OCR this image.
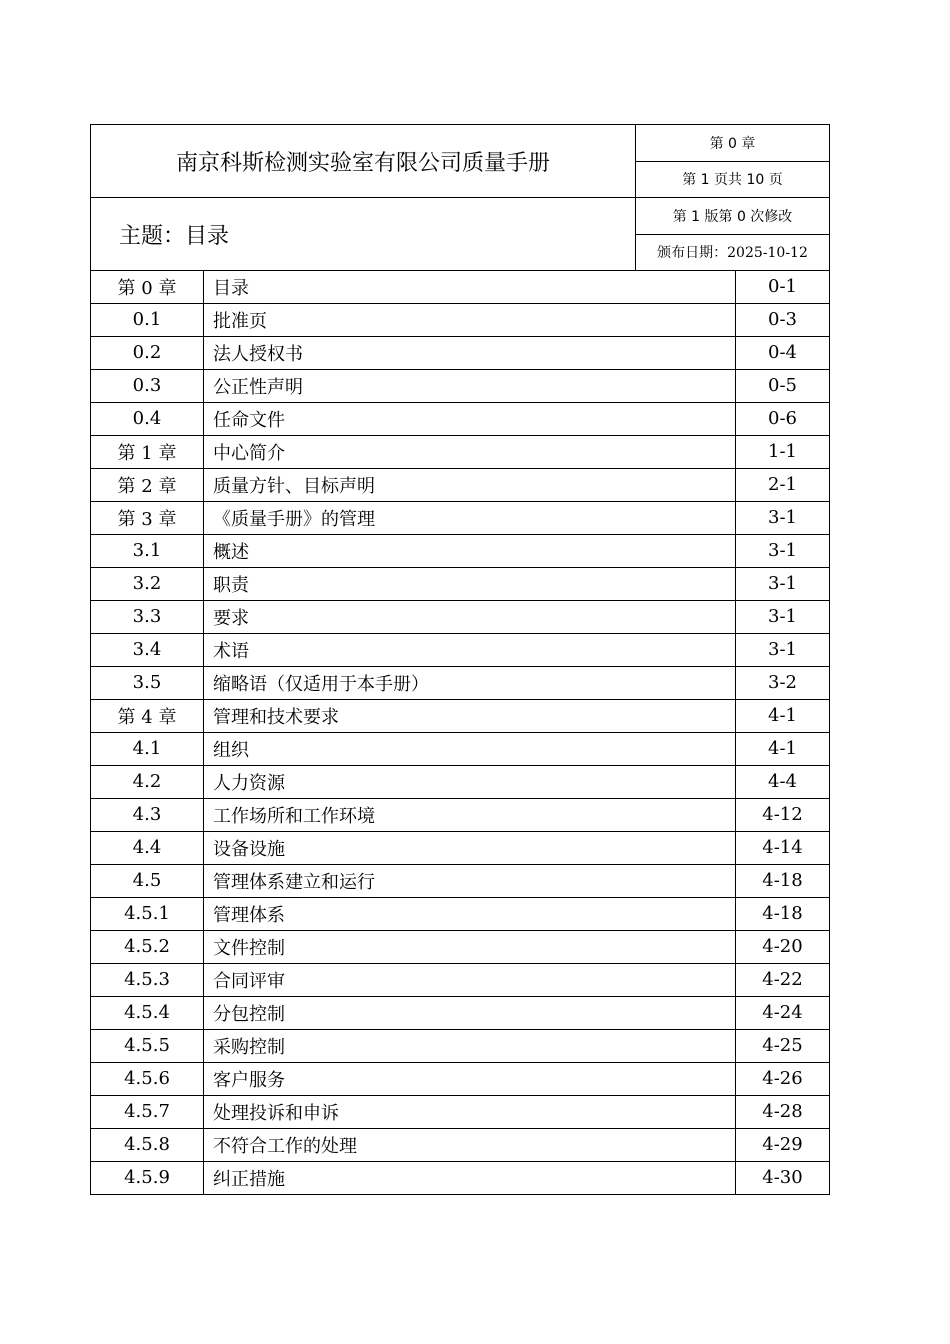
南京科斯检测实验室有限公司质量手册	第 0 章
	第 1 页共 10 页
主题：目录	第 1 版第 0 次修改
	颁布日期：2025-10-12
第 0 章	目录	0-1
0.1	批准页	0-3
0.2	法人授权书	0-4
0.3	公正性声明	0-5
0.4	任命文件	0-6
第 1 章	中心简介	1-1
第 2 章	质量方针、目标声明	2-1
第 3 章	《质量手册》的管理	3-1
3.1	概述	3-1
3.2	职责	3-1
3.3	要求	3-1
3.4	术语	3-1
3.5	缩略语（仅适用于本手册）	3-2
第 4 章	管理和技术要求	4-1
4.1	组织	4-1
4.2	人力资源	4-4
4.3	工作场所和工作环境	4-12
4.4	设备设施	4-14
4.5	管理体系建立和运行	4-18
4.5.1	管理体系	4-18
4.5.2	文件控制	4-20
4.5.3	合同评审	4-22
4.5.4	分包控制	4-24
4.5.5	采购控制	4-25
4.5.6	客户服务	4-26
4.5.7	处理投诉和申诉	4-28
4.5.8	不符合工作的处理	4-29
4.5.9	纠正措施	4-30
